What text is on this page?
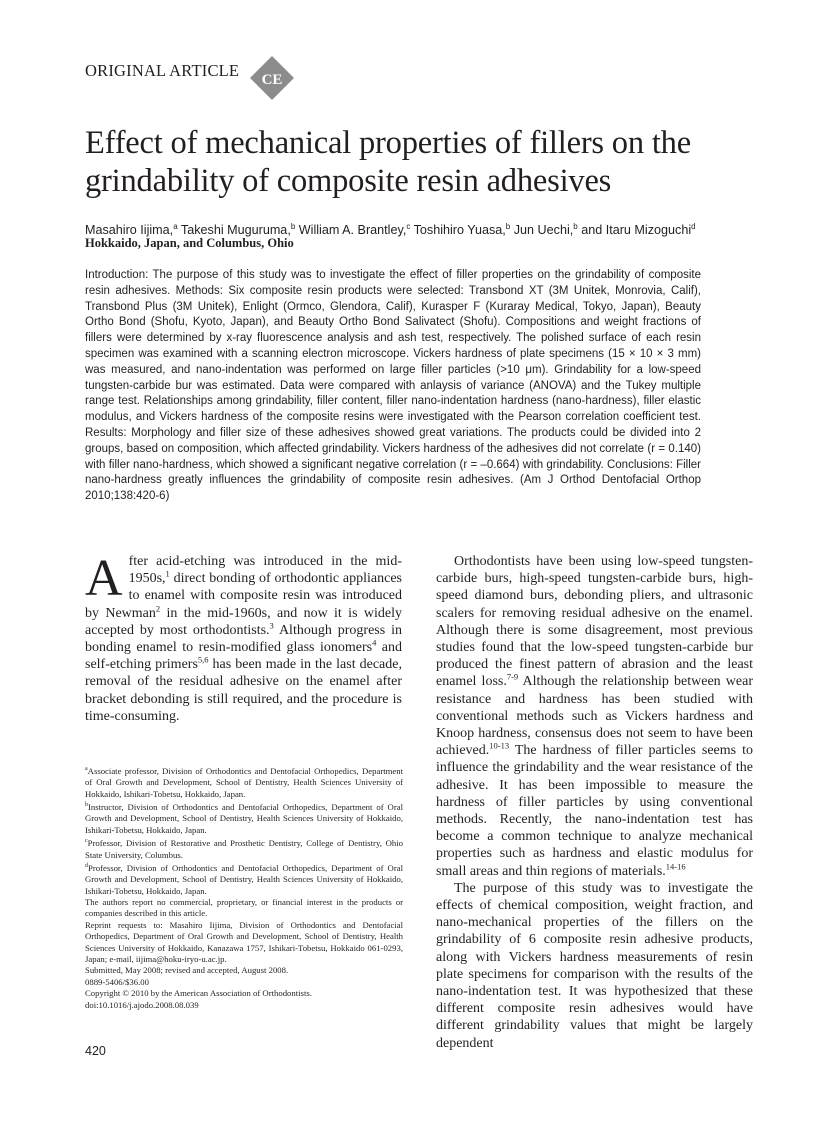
ORIGINAL ARTICLE CE
Effect of mechanical properties of fillers on the grindability of composite resin adhesives
Masahiro Iijima,$^a$ Takeshi Muguruma,$^b$ William A. Brantley,$^c$ Toshihiro Yuasa,$^b$ Jun Uechi,$^b$ and Itaru Mizoguchi$^d$
Hokkaido, Japan, and Columbus, Ohio

Introduction: The purpose of this study was to investigate the effect of filler properties on the grindability of composite resin adhesives. Methods: Six composite resin products were selected: Transbond XT (3M Unitek, Monrovia, Calif), Transbond Plus (3M Unitek), Enlight (Ormco, Glendora, Calif), Kurasper F (Kuraray Medical, Tokyo, Japan), Beauty Ortho Bond (Shofu, Kyoto, Japan), and Beauty Ortho Bond Salivatect (Shofu). Compositions and weight fractions of fillers were determined by x-ray fluorescence analysis and ash test, respectively. The polished surface of each resin specimen was examined with a scanning electron microscope. Vickers hardness of plate specimens (15 × 10 × 3 mm) was measured, and nano-indentation was performed on large filler particles (>10 μm). Grindability for a low-speed tungsten-carbide bur was estimated. Data were compared with anlaysis of variance (ANOVA) and the Tukey multiple range test. Relationships among grindability, filler content, filler nano-indentation hardness (nano-hardness), filler elastic modulus, and Vickers hardness of the composite resins were investigated with the Pearson correlation coefficient test. Results: Morphology and filler size of these adhesives showed great variations. The products could be divided into 2 groups, based on composition, which affected grindability. Vickers hardness of the adhesives did not correlate (r = 0.140) with filler nano-hardness, which showed a significant negative correlation (r = –0.664) with grindability. Conclusions: Filler nano-hardness greatly influences the grindability of composite resin adhesives. (Am J Orthod Dentofacial Orthop 2010;138:420-6)

After acid-etching was introduced in the mid-1950s,$^1$ direct bonding of orthodontic appliances to enamel with composite resin was introduced by Newman$^2$ in the mid-1960s, and now it is widely accepted by most orthodontists.$^3$ Although progress in bonding enamel to resin-modified glass ionomers$^4$ and self-etching primers$^{5,6}$ has been made in the last decade, removal of the residual adhesive on the enamel after bracket debonding is still required, and the procedure is time-consuming.

Orthodontists have been using low-speed tungsten-carbide burs, high-speed tungsten-carbide burs, high-speed diamond burs, debonding pliers, and ultrasonic scalers for removing residual adhesive on the enamel. Although there is some disagreement, most previous studies found that the low-speed tungsten-carbide bur produced the finest pattern of abrasion and the least enamel loss.$^{7-9}$ Although the relationship between wear resistance and hardness has been studied with conventional methods such as Vickers hardness and Knoop hardness, consensus does not seem to have been achieved.$^{10-13}$ The hardness of filler particles seems to influence the grindability and the wear resistance of the adhesive. It has been impossible to measure the hardness of filler particles by using conventional methods. Recently, the nano-indentation test has become a common technique to analyze mechanical properties such as hardness and elastic modulus for small areas and thin regions of materials.$^{14-16}$

The purpose of this study was to investigate the effects of chemical composition, weight fraction, and nano-mechanical properties of the fillers on the grindability of 6 composite resin adhesive products, along with Vickers hardness measurements of resin plate specimens for comparison with the results of the nano-indentation test. It was hypothesized that these different composite resin adhesives would have different grindability values that might be largely dependent

$^a$Associate professor, Division of Orthodontics and Dentofacial Orthopedics, Department of Oral Growth and Development, School of Dentistry, Health Sciences University of Hokkaido, Ishikari-Tobetsu, Hokkaido, Japan.

$^b$Instructor, Division of Orthodontics and Dentofacial Orthopedics, Department of Oral Growth and Development, School of Dentistry, Health Sciences University of Hokkaido, Ishikari-Tobetsu, Hokkaido, Japan.

$^c$Professor, Division of Restorative and Prosthetic Dentistry, College of Dentistry, Ohio State University, Columbus.

$^d$Professor, Division of Orthodontics and Dentofacial Orthopedics, Department of Oral Growth and Development, School of Dentistry, Health Sciences University of Hokkaido, Ishikari-Tobetsu, Hokkaido, Japan.

The authors report no commercial, proprietary, or financial interest in the products or companies described in this article.

Reprint requests to: Masahiro Iijima, Division of Orthodontics and Dentofacial Orthopedics, Department of Oral Growth and Development, School of Dentistry, Health Sciences University of Hokkaido, Kanazawa 1757, Ishikari-Tobetsu, Hokkaido 061-0293, Japan; e-mail, iijima@hoku-iryo-u.ac.jp.

Submitted, May 2008; revised and accepted, August 2008.

0889-5406/$36.00

Copyright © 2010 by the American Association of Orthodontists.

doi:10.1016/j.ajodo.2008.08.039

420
